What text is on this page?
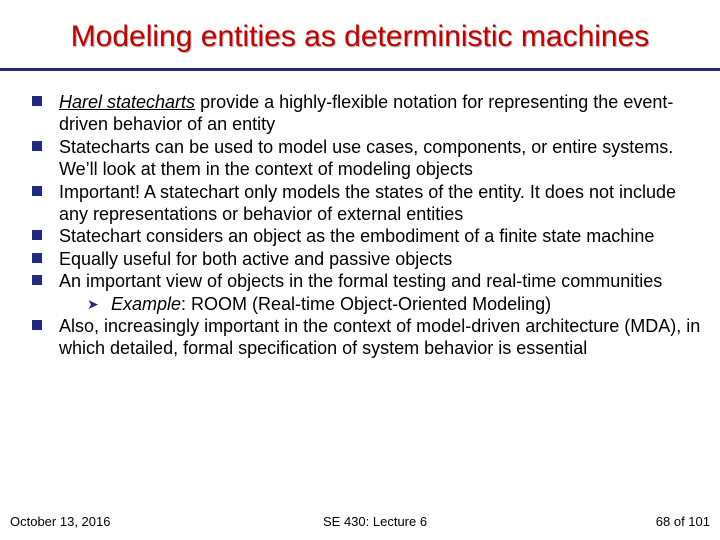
Modeling entities as deterministic machines
Harel statecharts provide a highly-flexible notation for representing the event-driven behavior of an entity
Statecharts can be used to model use cases, components, or entire systems. We’ll look at them in the context of modeling objects
Important! A statechart only models the states of the entity. It does not include any representations or behavior of external entities
Statechart considers an object as the embodiment of a finite state machine
Equally useful for both active and passive objects
An important view of objects in the formal testing and real-time communities
➤ Example: ROOM (Real-time Object-Oriented Modeling)
Also, increasingly important in the context of model-driven architecture (MDA), in which detailed, formal specification of system behavior is essential
October 13, 2016	SE 430: Lecture 6	68 of 101
